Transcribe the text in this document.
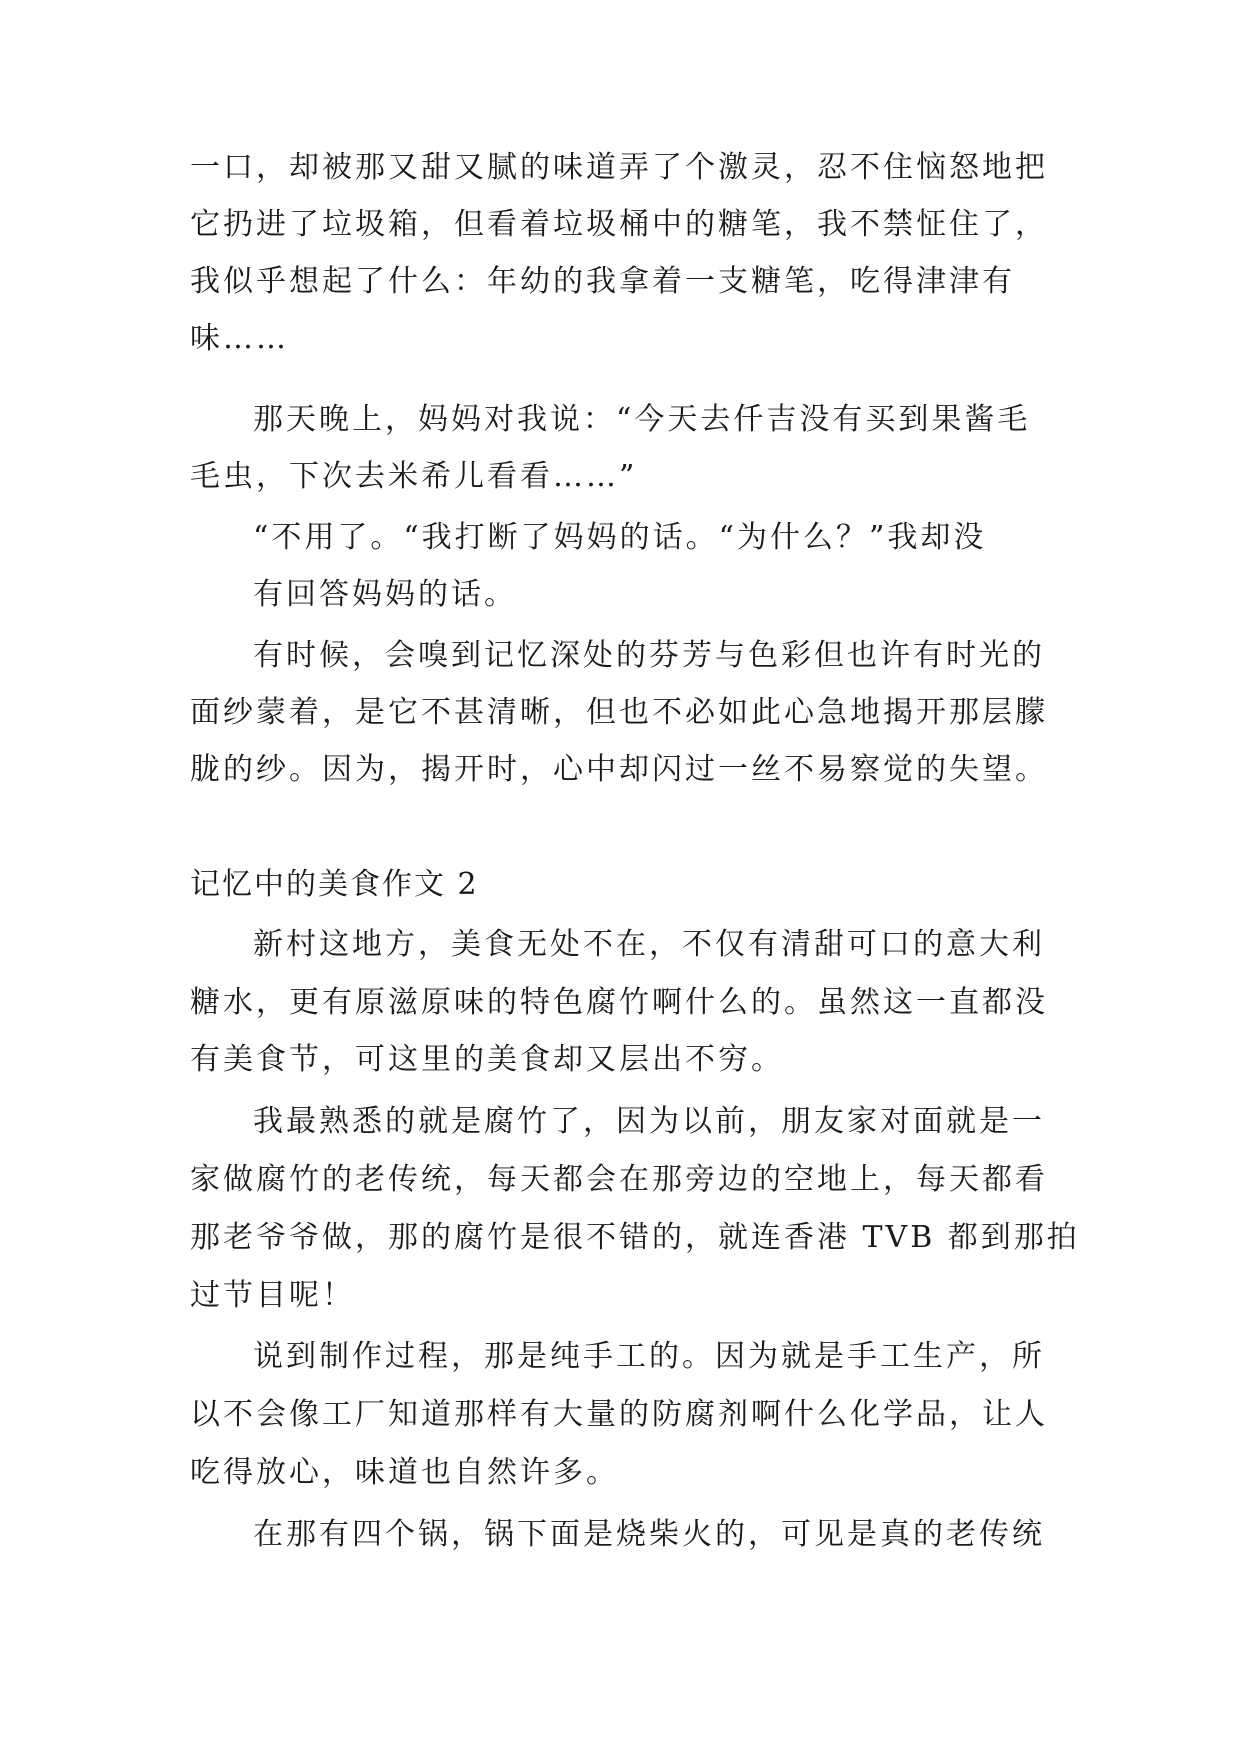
一口，却被那又甜又腻的味道弄了个激灵，忍不住恼怒地把
它扔进了垃圾箱，但看着垃圾桶中的糖笔，我不禁怔住了，
我似乎想起了什么：年幼的我拿着一支糖笔，吃得津津有
味……
那天晚上，妈妈对我说：“今天去仟吉没有买到果酱毛
毛虫，下次去米希儿看看……”
“不用了。“我打断了妈妈的话。“为什么？”我却没
有回答妈妈的话。
有时候，会嗅到记忆深处的芬芳与色彩但也许有时光的
面纱蒙着，是它不甚清晰，但也不必如此心急地揭开那层朦
胧的纱。因为，揭开时，心中却闪过一丝不易察觉的失望。
记忆中的美食作文 2
新村这地方，美食无处不在，不仅有清甜可口的意大利
糖水，更有原滋原味的特色腐竹啊什么的。虽然这一直都没
有美食节，可这里的美食却又层出不穷。
我最熟悉的就是腐竹了，因为以前，朋友家对面就是一
家做腐竹的老传统，每天都会在那旁边的空地上，每天都看
那老爷爷做，那的腐竹是很不错的，就连香港 TVB 都到那拍
过节目呢！
说到制作过程，那是纯手工的。因为就是手工生产，所
以不会像工厂知道那样有大量的防腐剂啊什么化学品，让人
吃得放心，味道也自然许多。
在那有四个锅，锅下面是烧柴火的，可见是真的老传统
